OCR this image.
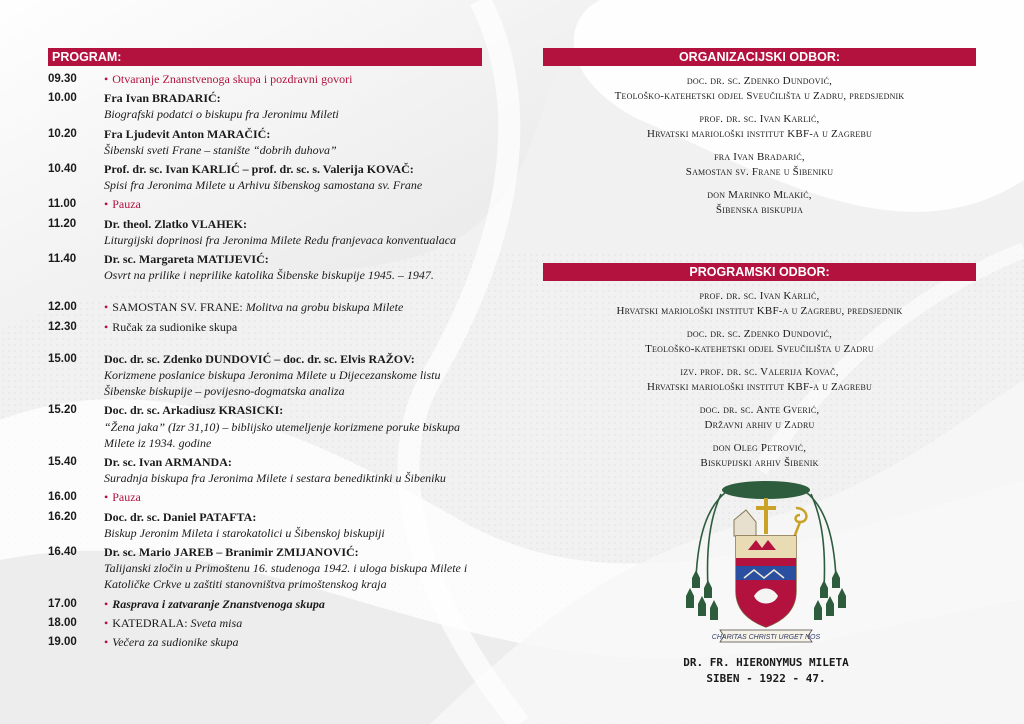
PROGRAM:
09.30	• Otvaranje Znanstvenoga skupa i pozdravni govori
10.00	Fra Ivan BRADARIĆ:
Biografski podatci o biskupu fra Jeronimu Mileti
10.20	Fra Ljudevit Anton MARAČIĆ:
Šibenski sveti Frane – stanište “dobrih duhova”
10.40	Prof. dr. sc. Ivan KARLIĆ – prof. dr. sc. s. Valerija KOVAČ:
Spisi fra Jeronima Milete u Arhivu šibenskog samostana sv. Frane
11.00	• Pauza
11.20	Dr. theol. Zlatko VLAHEK:
Liturgijski doprinosi fra Jeronima Milete Redu franjevaca konventualaca
11.40	Dr. sc. Margareta MATIJEVIĆ:
Osvrt na prilike i neprilike katolika Šibenske biskupije 1945. – 1947.
12.00	• SAMOSTAN SV. FRANE: Molitva na grobu biskupa Milete
12.30	• Ručak za sudionike skupa
15.00	Doc. dr. sc. Zdenko DUNDOVIĆ – doc. dr. sc. Elvis RAŽOV:
Korizmene poslanice biskupa Jeronima Milete u Dijecezanskome listu Šibenske biskupije – povijesno-dogmatska analiza
15.20	Doc. dr. sc. Arkadiusz KRASICKI:
“Žena jaka” (Izr 31,10) – biblijsko utemeljenje korizmene poruke biskupa Milete iz 1934. godine
15.40	Dr. sc. Ivan ARMANDA:
Suradnja biskupa fra Jeronima Milete i sestara benediktinki u Šibeniku
16.00	• Pauza
16.20	Doc. dr. sc. Daniel PATAFTA:
Biskup Jeronim Mileta i starokatolici u Šibenskoj biskupiji
16.40	Dr. sc. Mario JAREB – Branimir ZMIJANOVIĆ:
Talijanski zločin u Primoštenu 16. studenoga 1942. i uloga biskupa Milete i Katoličke Crkve u zaštiti stanovništva primoštenskog kraja
17.00	• Rasprava i zatvaranje Znanstvenoga skupa
18.00	• KATEDRALA: Sveta misa
19.00	• Večera za sudionike skupa
ORGANIZACIJSKI ODBOR:
doc. dr. sc. Zdenko Dundović,
Teološko-katehetski odjel Sveučilišta u Zadru, predsjednik
prof. dr. sc. Ivan Karlić,
Hrvatski mariološki institut KBF-a u Zagrebu
fra Ivan Bradarić,
Samostan sv. Frane u Šibeniku
don Marinko Mlakić,
Šibenska biskupija
PROGRAMSKI ODBOR:
prof. dr. sc. Ivan Karlić,
Hrvatski mariološki institut KBF-a u Zagrebu, predsjednik
doc. dr. sc. Zdenko Dundović,
Teološko-katehetski odjel Sveučilišta u Zadru
izv. prof. dr. sc. Valerija Kovač,
Hrvatski mariološki institut KBF-a u Zagrebu
doc. dr. sc. Ante Gverić,
Državni arhiv u Zadru
don Oleg Petrović,
Biskupijski arhiv Šibenik
CHARITAS CHRISTI URGET NOS
DR. FR. HIERONYMUS MILETA
SIBEN - 1922 - 47.
